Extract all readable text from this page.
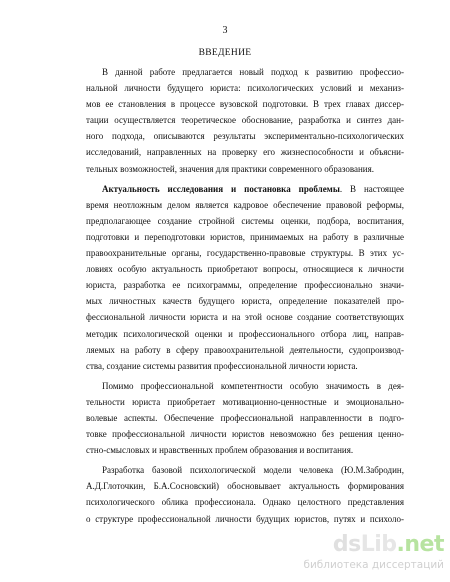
3
ВВЕДЕНИЕ
В данной работе предлагается новый подход к развитию профессио-
нальной личности будущего юриста: психологических условий и механиз-
мов ее становления в процессе вузовской подготовки. В трех главах диссер-
тации осуществляется теоретическое обоснование, разработка и синтез дан-
ного подхода, описываются результаты экспериментально-психологических
исследований, направленных на проверку его жизнеспособности и объясни-
тельных возможностей, значения для практики современного образования.
Актуальность исследования и постановка проблемы. В настоящее
время неотложным делом является кадровое обеспечение правовой реформы,
предполагающее создание стройной системы оценки, подбора, воспитания,
подготовки и переподготовки юристов, принимаемых на работу в различные
правоохранительные органы, государственно-правовые структуры. В этих ус-
ловиях особую актуальность приобретают вопросы, относящиеся к личности
юриста, разработка ее психограммы, определение профессионально значи-
мых личностных качеств будущего юриста, определение показателей про-
фессиональной личности юриста и на этой основе создание соответствующих
методик психологической оценки и профессионального отбора лиц, направ-
ляемых на работу в сферу правоохранительной деятельности, судопроизвод-
ства, создание системы развития профессиональной личности юриста.
Помимо профессиональной компетентности особую значимость в дея-
тельности юриста приобретает мотивационно-ценностные и эмоционально-
волевые аспекты. Обеспечение профессиональной направленности в подго-
товке профессиональной личности юристов невозможно без решения ценно-
стно-смысловых и нравственных проблем образования и воспитания.
Разработка базовой психологической модели человека (Ю.М.Забродин,
А.Д.Глоточкин, Б.А.Сосновский) обосновывает актуальность формирования
психологического облика профессионала. Однако целостного представления
о структуре профессиональной личности будущих юристов, путях и психоло-
dsLib.net
библиотека диссертаций
